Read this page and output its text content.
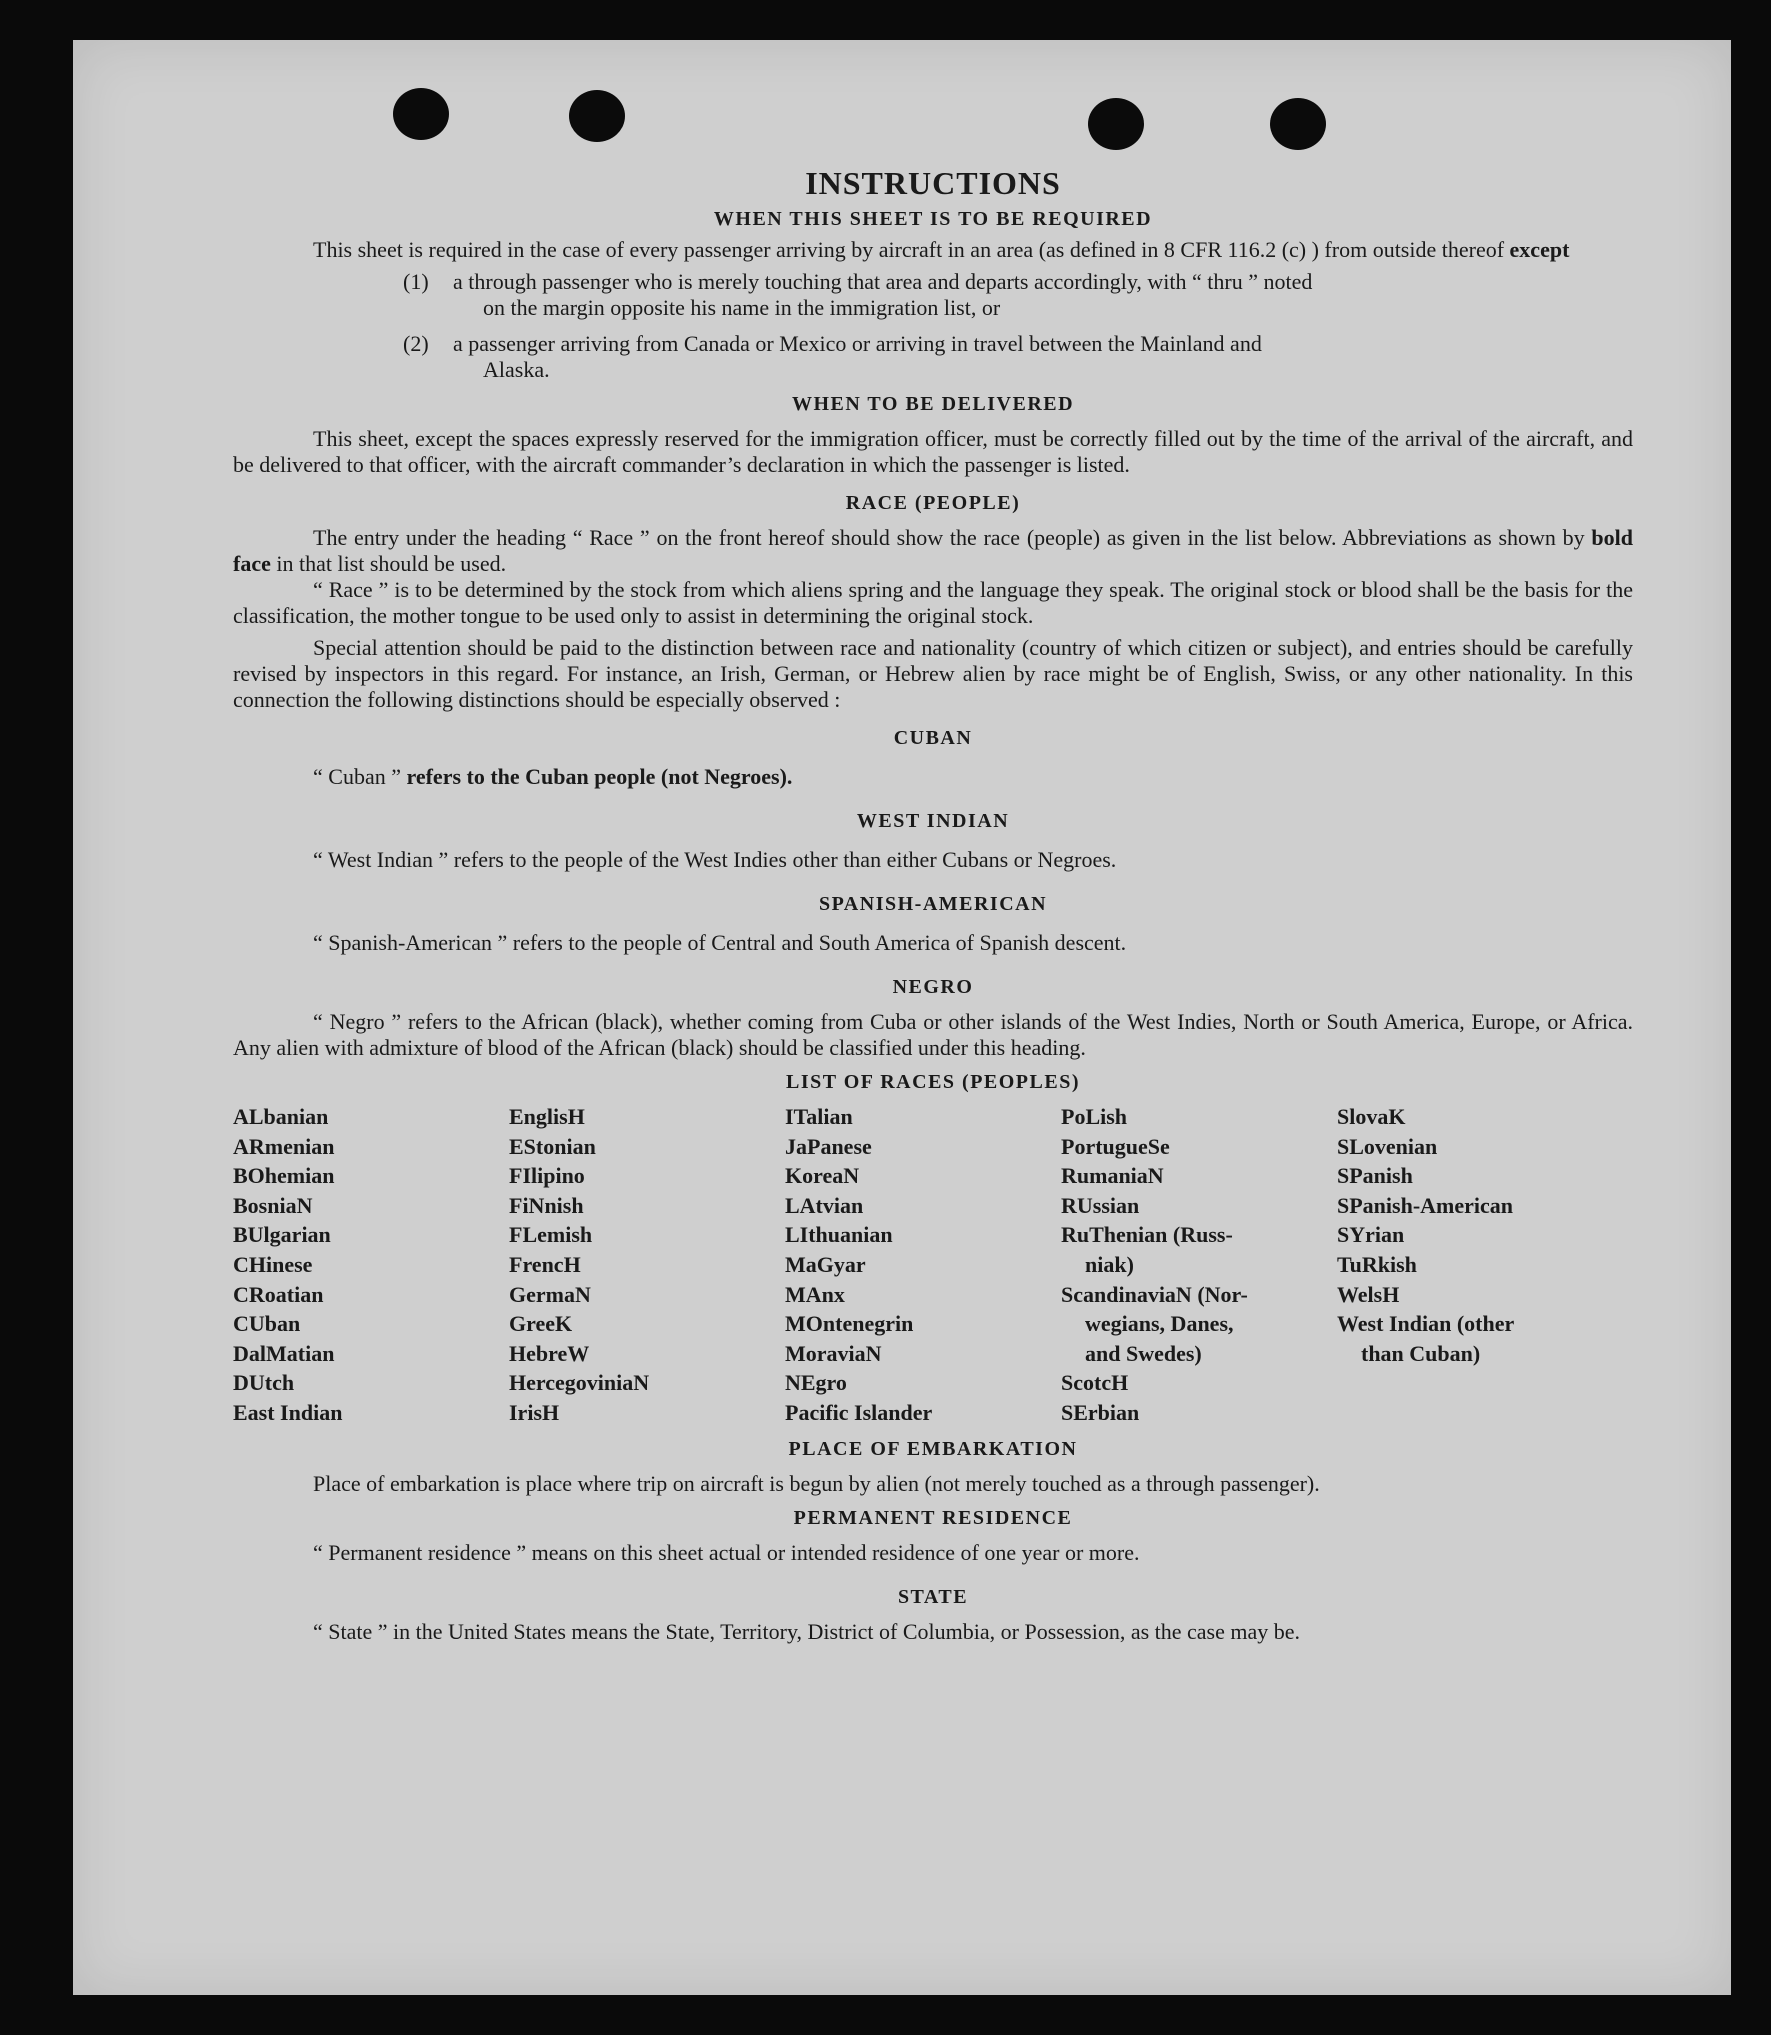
INSTRUCTIONS
WHEN THIS SHEET IS TO BE REQUIRED

This sheet is required in the case of every passenger arriving by aircraft in an area (as defined in 8 CFR 116.2 (c) ) from outside thereof except

(1)	a through passenger who is merely touching that area and departs accordingly, with “ thru ” noted
on the margin opposite his name in the immigration list, or
(2)	a passenger arriving from Canada or Mexico or arriving in travel between the Mainland and
Alaska.
WHEN TO BE DELIVERED

This sheet, except the spaces expressly reserved for the immigration officer, must be correctly filled out by the time of the arrival of the aircraft, and be delivered to that officer, with the aircraft commander’s declaration in which the passenger is listed.

RACE (PEOPLE)

The entry under the heading “ Race ” on the front hereof should show the race (people) as given in the list below. Abbreviations as shown by bold face in that list should be used.

“ Race ” is to be determined by the stock from which aliens spring and the language they speak. The original stock or blood shall be the basis for the classification, the mother tongue to be used only to assist in determining the original stock.

Special attention should be paid to the distinction between race and nationality (country of which citizen or subject), and entries should be carefully revised by inspectors in this regard. For instance, an Irish, German, or Hebrew alien by race might be of English, Swiss, or any other nationality. In this connection the following distinctions should be especially observed :

CUBAN
“ Cuban ” refers to the Cuban people (not Negroes).
WEST INDIAN
“ West Indian ” refers to the people of the West Indies other than either Cubans or Negroes.
SPANISH-AMERICAN
“ Spanish-American ” refers to the people of Central and South America of Spanish descent.
NEGRO

“ Negro ” refers to the African (black), whether coming from Cuba or other islands of the West Indies, North or South America, Europe, or Africa. Any alien with admixture of blood of the African (black) should be classified under this heading.

LIST OF RACES (PEOPLES)
ALbanian
ARmenian
BOhemian
BosniaN
BUlgarian
CHinese
CRoatian
CUban
DalMatian
DUtch
East Indian
EnglisH
EStonian
FIlipino
FiNnish
FLemish
FrencH
GermaN
GreeK
HebreW
HercegoviniaN
IrisH
ITalian
JaPanese
KoreaN
LAtvian
LIthuanian
MaGyar
MAnx
MOntenegrin
MoraviaN
NEgro
Pacific Islander
PoLish
PortugueSe
RumaniaN
RUssian
RuThenian (Russ-
niak)
ScandinaviaN (Nor-
wegians, Danes,
and Swedes)
ScotcH
SErbian
SlovaK
SLovenian
SPanish
SPanish-American
SYrian
TuRkish
WelsH
West Indian (other
than Cuban)
PLACE OF EMBARKATION

Place of embarkation is place where trip on aircraft is begun by alien (not merely touched as a through passenger).

PERMANENT RESIDENCE
“ Permanent residence ” means on this sheet actual or intended residence of one year or more.
STATE

“ State ” in the United States means the State, Territory, District of Columbia, or Possession, as the case may be.
